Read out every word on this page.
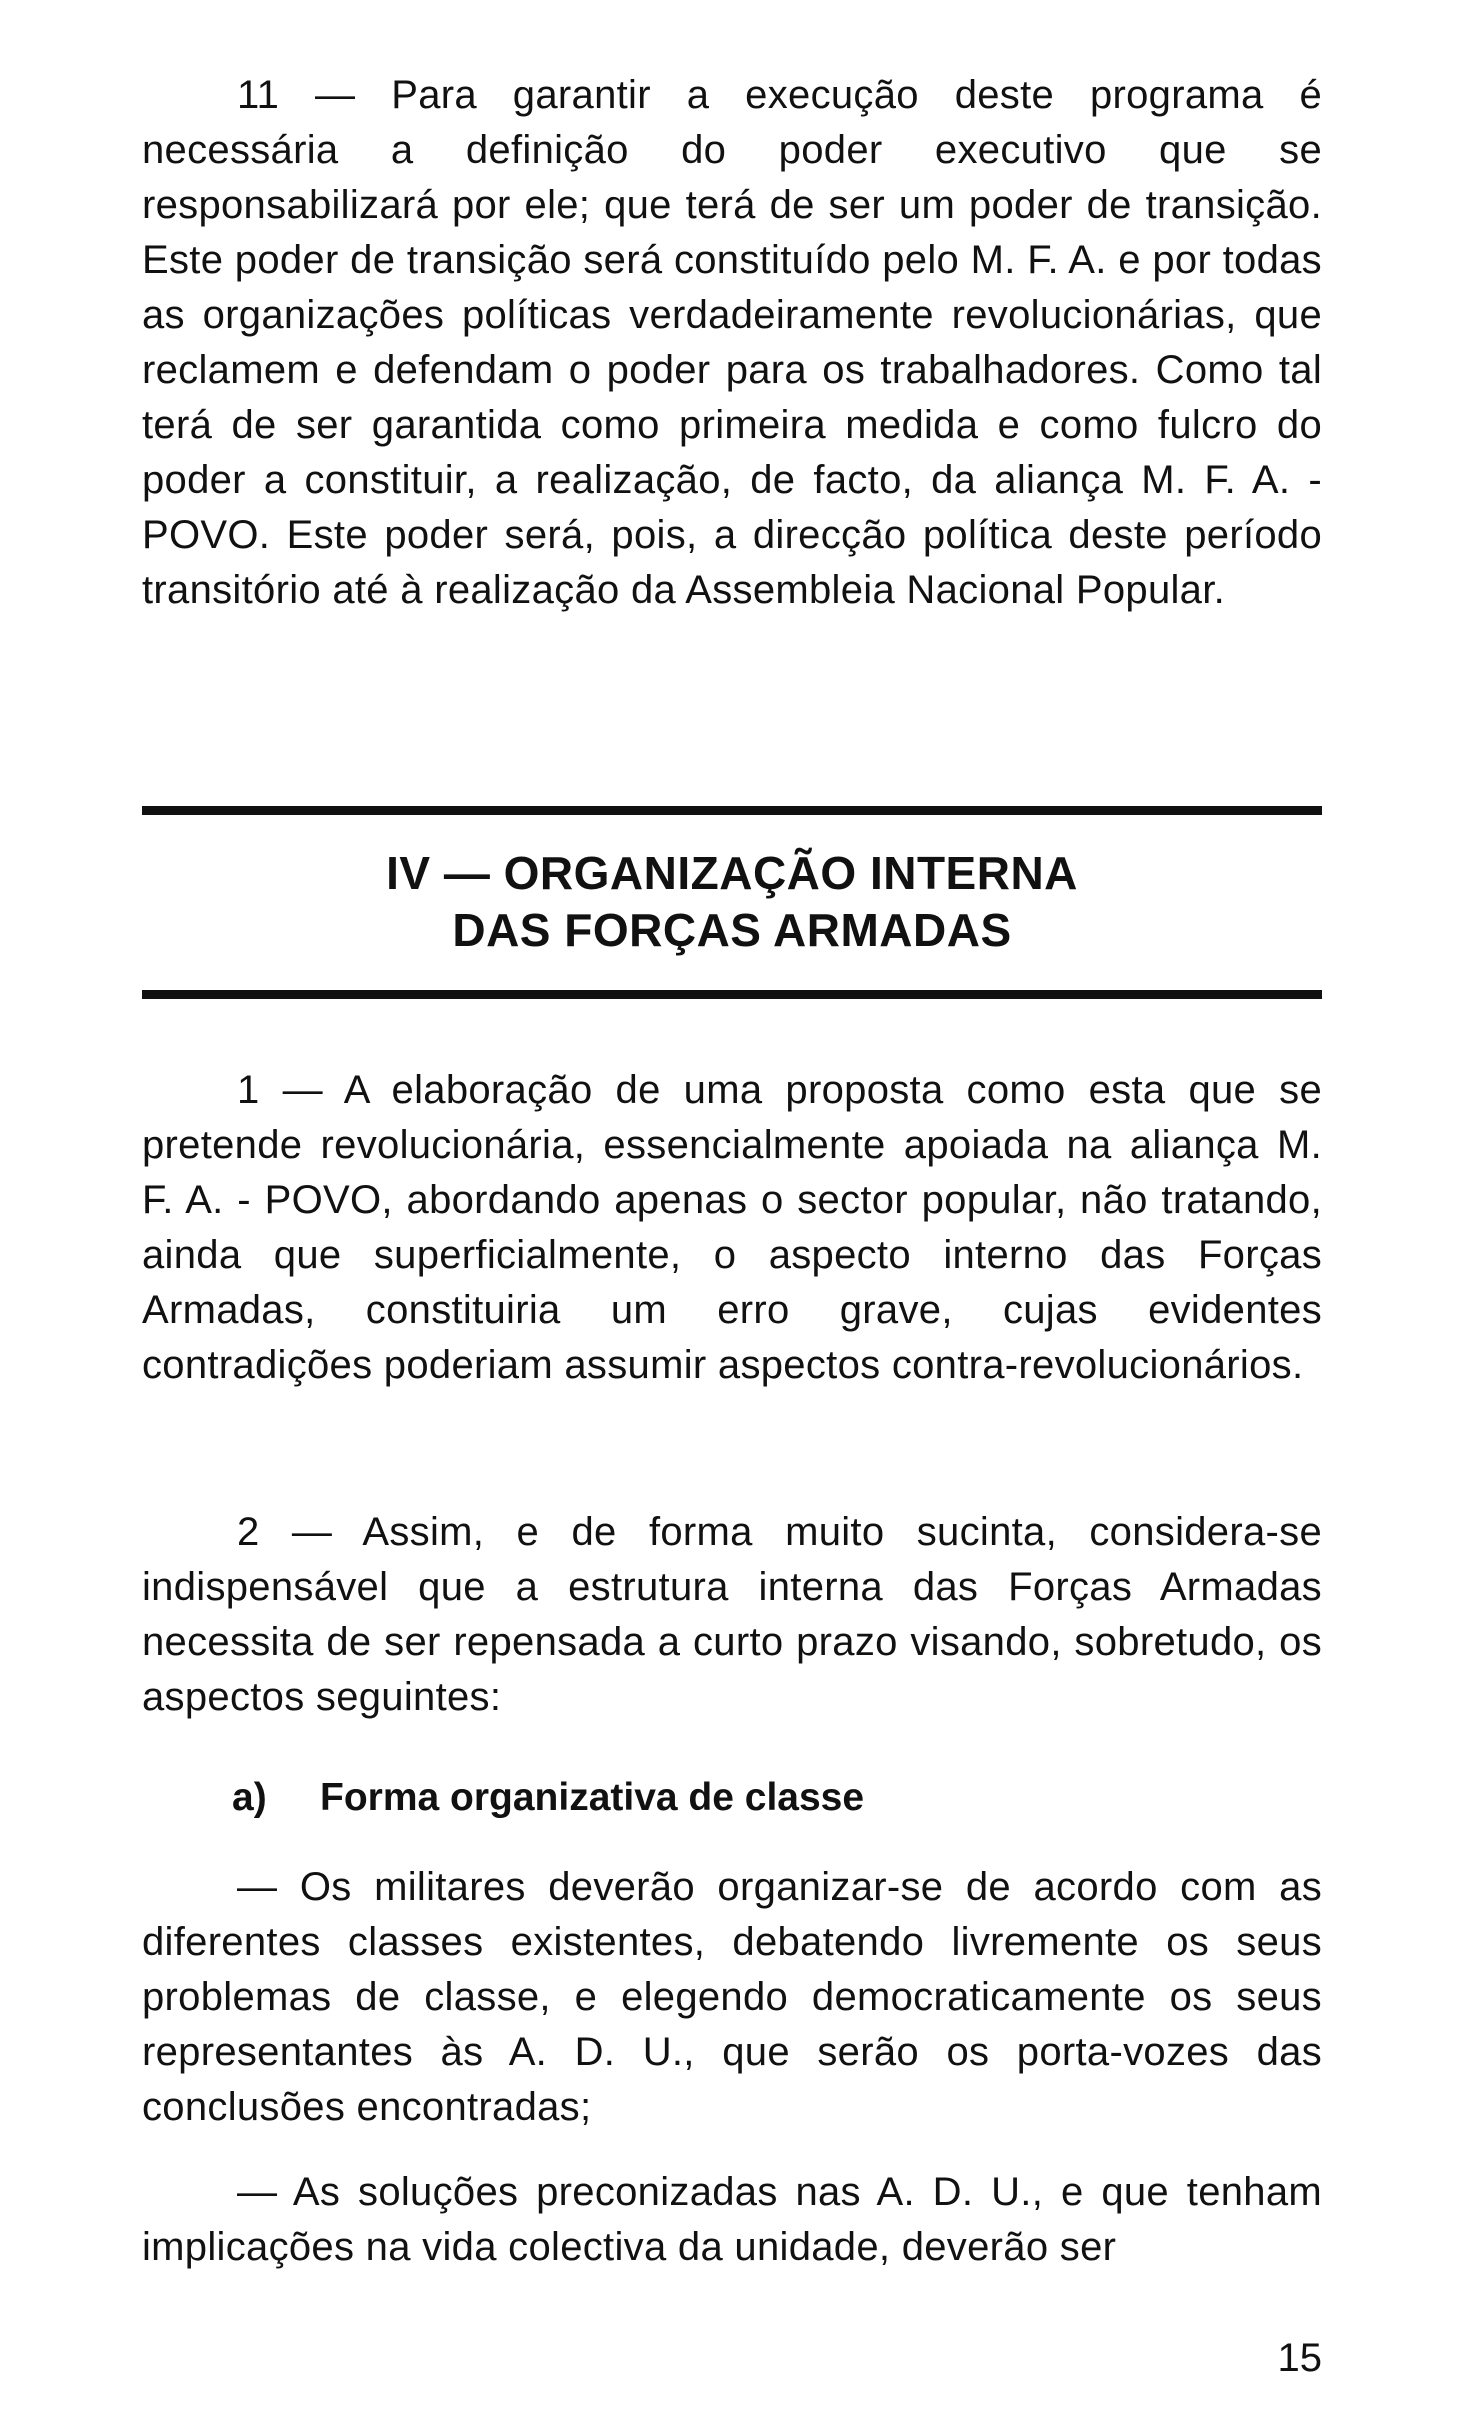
11 — Para garantir a execução deste programa é necessária a definição do poder executivo que se responsabilizará por ele; que terá de ser um poder de transição. Este poder de transição será constituído pelo M. F. A. e por todas as organizações políticas verdadeiramente revolucionárias, que reclamem e defendam o poder para os trabalhadores. Como tal terá de ser garantida como primeira medida e como fulcro do poder a constituir, a realização, de facto, da aliança M. F. A. - POVO. Este poder será, pois, a direcção política deste período transitório até à realização da Assembleia Nacional Popular.

IV — ORGANIZAÇÃO INTERNA
DAS FORÇAS ARMADAS

1 — A elaboração de uma proposta como esta que se pretende revolucionária, essencialmente apoiada na aliança M. F. A. - POVO, abordando apenas o sector popular, não tratando, ainda que superficialmente, o aspecto interno das Forças Armadas, constituiria um erro grave, cujas evidentes contradições poderiam assumir aspectos contra-revolucionários.

2 — Assim, e de forma muito sucinta, considera-se indispensável que a estrutura interna das Forças Armadas necessita de ser repensada a curto prazo visando, sobretudo, os aspectos seguintes:

a) Forma organizativa de classe

— Os militares deverão organizar-se de acordo com as diferentes classes existentes, debatendo livremente os seus problemas de classe, e elegendo democraticamente os seus representantes às A. D. U., que serão os porta-vozes das conclusões encontradas;

— As soluções preconizadas nas A. D. U., e que tenham implicações na vida colectiva da unidade, deverão ser

15
